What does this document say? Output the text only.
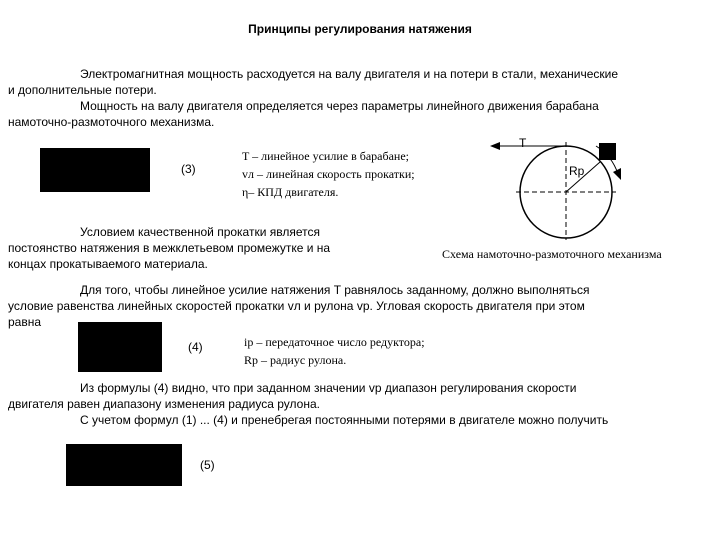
Принципы регулирования натяжения
Электромагнитная мощность расходуется на валу двигателя и на потери в стали, механические
и дополнительные потери.
Мощность на валу двигателя определяется через параметры линейного движения барабана
намоточно-размоточного механизма.
(3)
T – линейное усилие в барабане;
vл – линейная скорость прокатки;
η– КПД двигателя.
T
Rр
Схема намоточно-размоточного механизма
Условием качественной прокатки является
постоянство натяжения в межклетьевом промежутке и на
концах прокатываемого материала.
Для того, чтобы линейное усилие натяжения T равнялось заданному, должно выполняться
условие равенства линейных скоростей прокатки vл и рулона vр. Угловая скорость двигателя при этом
равна
(4)	iр – передаточное число редуктора;
Rр – радиус рулона.
Из формулы (4) видно, что при заданном значении vр диапазон регулирования скорости
двигателя равен диапазону изменения радиуса рулона.
С учетом формул (1) ... (4) и пренебрегая постоянными потерями в двигателе можно получить
(5)
